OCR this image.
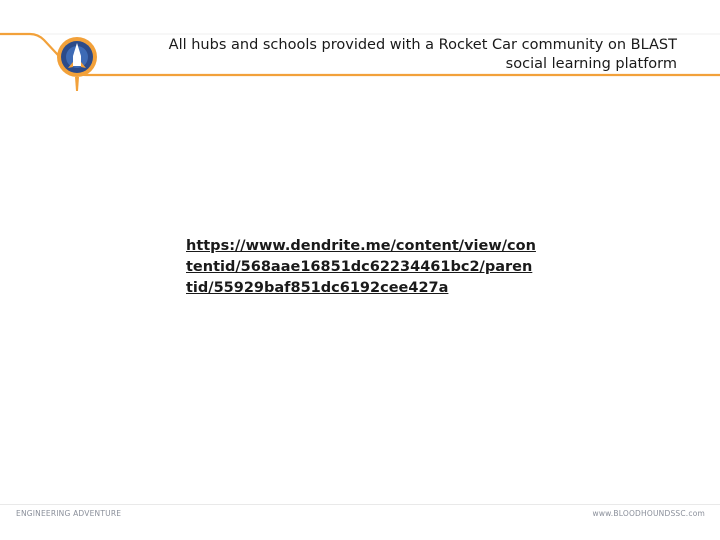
All hubs and schools provided with a Rocket Car community on BLAST social learning platform
https://www.dendrite.me/content/view/contentid/568aae16851dc62234461bc2/parentid/55929baf851dc6192cee427a
ENGINEERING ADVENTURE	www.BLOODHOUNDSSC.com
